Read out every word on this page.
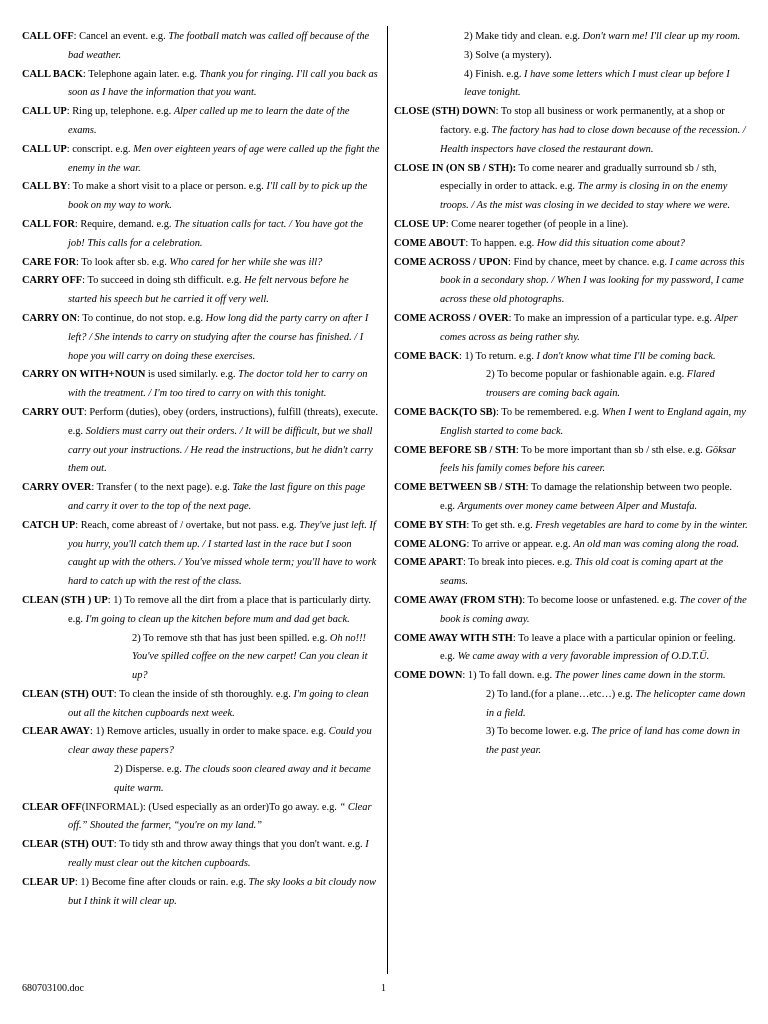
CALL OFF: Cancel an event. e.g. The football match was called off because of the bad weather.

CALL BACK: Telephone again later. e.g. Thank you for ringing. I'll call you back as soon as I have the information that you want.

CALL UP: Ring up, telephone. e.g. Alper called up me to learn the date of the exams.

CALL UP: conscript. e.g. Men over eighteen years of age were called up the fight the enemy in the war.

CALL BY: To make a short visit to a place or person. e.g. I'll call by to pick up the book on my way to work.

CALL FOR: Require, demand. e.g. The situation calls for tact. / You have got the job! This calls for a celebration.

CARE FOR: To look after sb. e.g. Who cared for her while she was ill?

CARRY OFF: To succeed in doing sth difficult. e.g. He felt nervous before he started his speech but he carried it off very well.

CARRY ON: To continue, do not stop. e.g. How long did the party carry on after I left? / She intends to carry on studying after the course has finished. / I hope you will carry on doing these exercises.

CARRY ON WITH+NOUN is used similarly. e.g. The doctor told her to carry on with the treatment. / I'm too tired to carry on with this tonight.

CARRY OUT: Perform (duties), obey (orders, instructions), fulfill (threats), execute. e.g. Soldiers must carry out their orders. / It will be difficult, but we shall carry out your instructions. / He read the instructions, but he didn't carry them out.

CARRY OVER: Transfer ( to the next page). e.g. Take the last figure on this page and carry it over to the top of the next page.

CATCH UP: Reach, come abreast of / overtake, but not pass. e.g. They've just left. If you hurry, you'll catch them up. / I started last in the race but I soon caught up with the others. / You've missed whole term; you'll have to work hard to catch up with the rest of the class.

CLEAN (STH ) UP: 1) To remove all the dirt from a place that is particularly dirty. e.g. I'm going to clean up the kitchen before mum and dad get back.

2) To remove sth that has just been spilled. e.g. Oh no!!! You've spilled coffee on the new carpet! Can you clean it up?

CLEAN (STH) OUT: To clean the inside of sth thoroughly. e.g. I'm going to clean out all the kitchen cupboards next week.

CLEAR AWAY: 1) Remove articles, usually in order to make space. e.g. Could you clear away these papers?

2) Disperse. e.g. The clouds soon cleared away and it became quite warm.

CLEAR OFF(INFORMAL): (Used especially as an order)To go away. e.g. “ Clear off.” Shouted the farmer, “you're on my land.”

CLEAR (STH) OUT: To tidy sth and throw away things that you don't want. e.g. I really must clear out the kitchen cupboards.

CLEAR UP: 1) Become fine after clouds or rain. e.g. The sky looks a bit cloudy now but I think it will clear up.

2) Make tidy and clean. e.g. Don't warn me! I'll clear up my room.

3) Solve (a mystery).

4) Finish. e.g. I have some letters which I must clear up before I leave tonight.

CLOSE (STH) DOWN: To stop all business or work permanently, at a shop or factory. e.g. The factory has had to close down because of the recession. / Health inspectors have closed the restaurant down.

CLOSE IN (ON SB / STH): To come nearer and gradually surround sb / sth, especially in order to attack. e.g. The army is closing in on the enemy troops. / As the mist was closing in we decided to stay where we were.

CLOSE UP: Come nearer together (of people in a line).

COME ABOUT: To happen. e.g. How did this situation come about?

COME ACROSS / UPON: Find by chance, meet by chance. e.g. I came across this book in a secondary shop. / When I was looking for my password, I came across these old photographs.

COME ACROSS / OVER: To make an impression of a particular type. e.g. Alper comes across as being rather shy.

COME BACK: 1) To return. e.g. I don't know what time I'll be coming back.

2) To become popular or fashionable again. e.g. Flared trousers are coming back again.

COME BACK(TO SB): To be remembered. e.g. When I went to England again, my English started to come back.

COME BEFORE SB / STH: To be more important than sb / sth else. e.g. Göksar feels his family comes before his career.

COME BETWEEN SB / STH: To damage the relationship between two people. e.g. Arguments over money came between Alper and Mustafa.

COME BY STH: To get sth. e.g. Fresh vegetables are hard to come by in the winter.

COME ALONG: To arrive or appear. e.g. An old man was coming along the road.

COME APART: To break into pieces. e.g. This old coat is coming apart at the seams.

COME AWAY (FROM STH): To become loose or unfastened. e.g. The cover of the book is coming away.

COME AWAY WITH STH: To leave a place with a particular opinion or feeling. e.g. We came away with a very favorable impression of O.D.T.Ü.

COME DOWN: 1) To fall down. e.g. The power lines came down in the storm.

2) To land.(for a plane…etc…) e.g. The helicopter came down in a field.

3) To become lower. e.g. The price of land has come down in the past year.

680703100.doc	1
